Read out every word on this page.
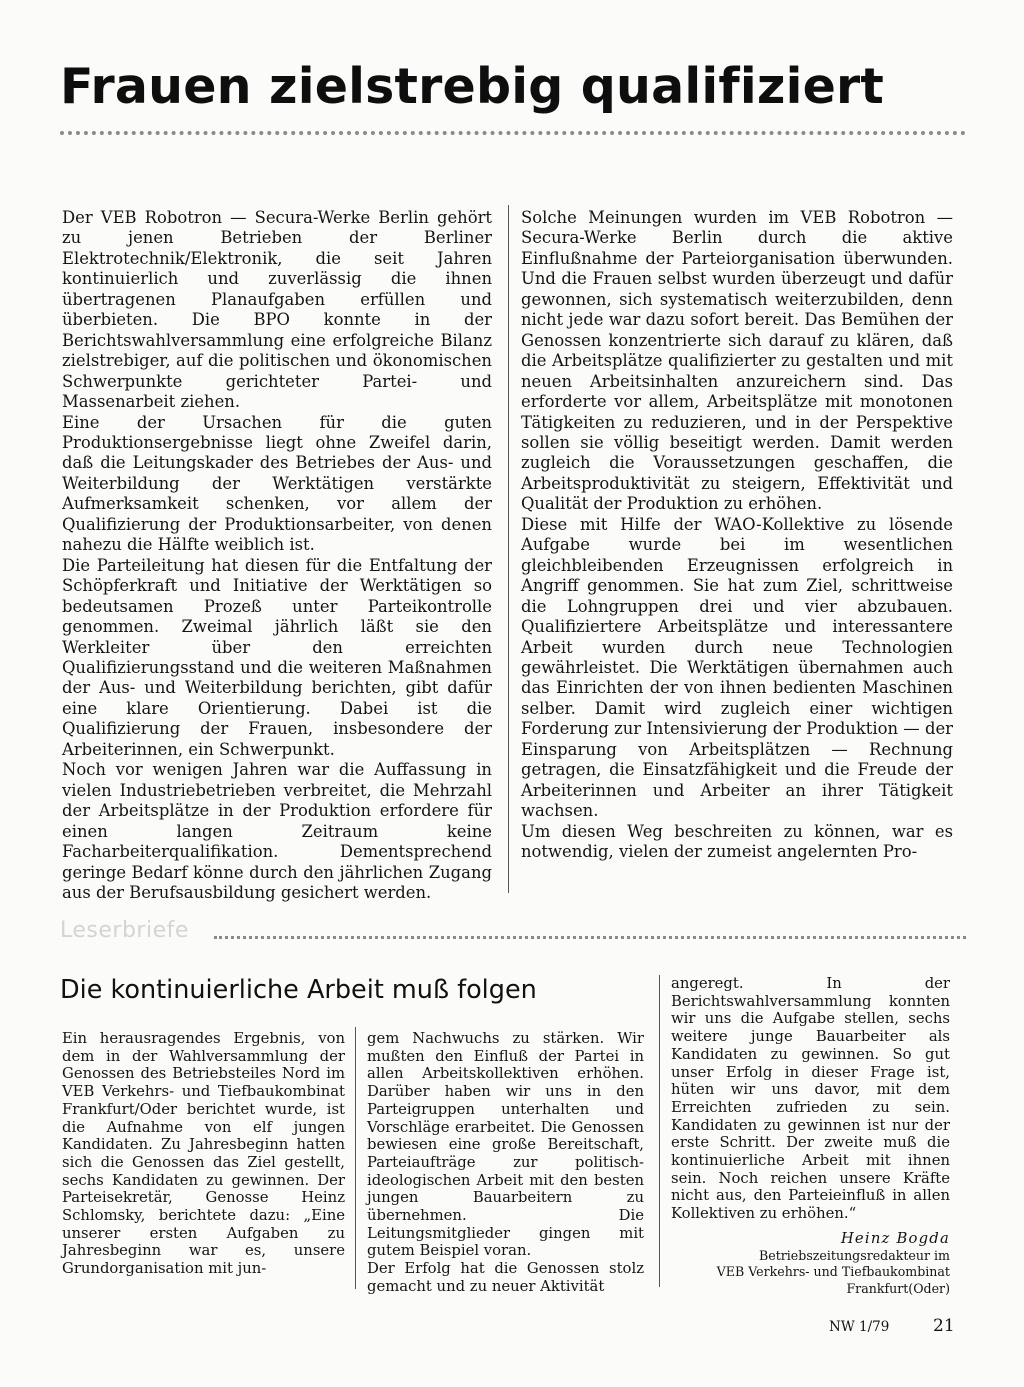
Frauen zielstrebig qualifiziert

Der VEB Robotron — Secura-Werke Berlin gehört zu jenen Betrieben der Berliner Elektrotechnik/Elektronik, die seit Jahren kontinuierlich und zuverlässig die ihnen übertragenen Planaufgaben erfüllen und überbieten. Die BPO konnte in der Berichtswahlversammlung eine erfolgreiche Bilanz zielstrebiger, auf die politischen und ökonomischen Schwerpunkte gerichteter Partei- und Massenarbeit ziehen.

Eine der Ursachen für die guten Produktionsergebnisse liegt ohne Zweifel darin, daß die Leitungskader des Betriebes der Aus- und Weiterbildung der Werktätigen verstärkte Aufmerksamkeit schenken, vor allem der Qualifizierung der Produktionsarbeiter, von denen nahezu die Hälfte weiblich ist.

Die Parteileitung hat diesen für die Entfaltung der Schöpferkraft und Initiative der Werktätigen so bedeutsamen Prozeß unter Parteikontrolle genommen. Zweimal jährlich läßt sie den Werkleiter über den erreichten Qualifizierungsstand und die weiteren Maßnahmen der Aus- und Weiterbildung berichten, gibt dafür eine klare Orientierung. Dabei ist die Qualifizierung der Frauen, insbesondere der Arbeiterinnen, ein Schwerpunkt.

Noch vor wenigen Jahren war die Auffassung in vielen Industriebetrieben verbreitet, die Mehrzahl der Arbeitsplätze in der Produktion erfordere für einen langen Zeitraum keine Facharbeiterqualifikation. Dementsprechend geringe Bedarf könne durch den jährlichen Zugang aus der Berufsausbildung gesichert werden.

Solche Meinungen wurden im VEB Robotron — Secura-Werke Berlin durch die aktive Einflußnahme der Parteiorganisation überwunden. Und die Frauen selbst wurden überzeugt und dafür gewonnen, sich systematisch weiterzubilden, denn nicht jede war dazu sofort bereit. Das Bemühen der Genossen konzentrierte sich darauf zu klären, daß die Arbeitsplätze qualifizierter zu gestalten und mit neuen Arbeitsinhalten anzureichern sind. Das erforderte vor allem, Arbeitsplätze mit monotonen Tätigkeiten zu reduzieren, und in der Perspektive sollen sie völlig beseitigt werden. Damit werden zugleich die Voraussetzungen geschaffen, die Arbeitsproduktivität zu steigern, Effektivität und Qualität der Produktion zu erhöhen.

Diese mit Hilfe der WAO-Kollektive zu lösende Aufgabe wurde bei im wesentlichen gleichbleibenden Erzeugnissen erfolgreich in Angriff genommen. Sie hat zum Ziel, schrittweise die Lohngruppen drei und vier abzubauen. Qualifiziertere Arbeitsplätze und interessantere Arbeit wurden durch neue Technologien gewährleistet. Die Werktätigen übernahmen auch das Einrichten der von ihnen bedienten Maschinen selber. Damit wird zugleich einer wichtigen Forderung zur Intensivierung der Produktion — der Einsparung von Arbeitsplätzen — Rechnung getragen, die Einsatzfähigkeit und die Freude der Arbeiterinnen und Arbeiter an ihrer Tätigkeit wachsen.

Um diesen Weg beschreiten zu können, war es notwendig, vielen der zumeist angelernten Pro-

Leserbriefe
Die kontinuierliche Arbeit muß folgen

Ein herausragendes Ergebnis, von dem in der Wahlversammlung der Genossen des Betriebsteiles Nord im VEB Verkehrs- und Tiefbaukombinat Frankfurt/Oder berichtet wurde, ist die Aufnahme von elf jungen Kandidaten. Zu Jahresbeginn hatten sich die Genossen das Ziel gestellt, sechs Kandidaten zu gewinnen. Der Parteisekretär, Genosse Heinz Schlomsky, berichtete dazu: „Eine unserer ersten Aufgaben zu Jahresbeginn war es, unsere Grundorganisation mit jun-

gem Nachwuchs zu stärken. Wir mußten den Einfluß der Partei in allen Arbeitskollektiven erhöhen. Darüber haben wir uns in den Parteigruppen unterhalten und Vorschläge erarbeitet. Die Genossen bewiesen eine große Bereitschaft, Parteiaufträge zur politisch-ideologischen Arbeit mit den besten jungen Bauarbeitern zu übernehmen. Die Leitungsmitglieder gingen mit gutem Beispiel voran.

Der Erfolg hat die Genossen stolz gemacht und zu neuer Aktivität

angeregt. In der Berichtswahlversammlung konnten wir uns die Aufgabe stellen, sechs weitere junge Bauarbeiter als Kandidaten zu gewinnen. So gut unser Erfolg in dieser Frage ist, hüten wir uns davor, mit dem Erreichten zufrieden zu sein. Kandidaten zu gewinnen ist nur der erste Schritt. Der zweite muß die kontinuierliche Arbeit mit ihnen sein. Noch reichen unsere Kräfte nicht aus, den Parteieinfluß in allen Kollektiven zu erhöhen.“

Heinz Bogda
Betriebszeitungsredakteur im
VEB Verkehrs- und Tiefbaukombinat
Frankfurt(Oder)
NW 1/79	21
